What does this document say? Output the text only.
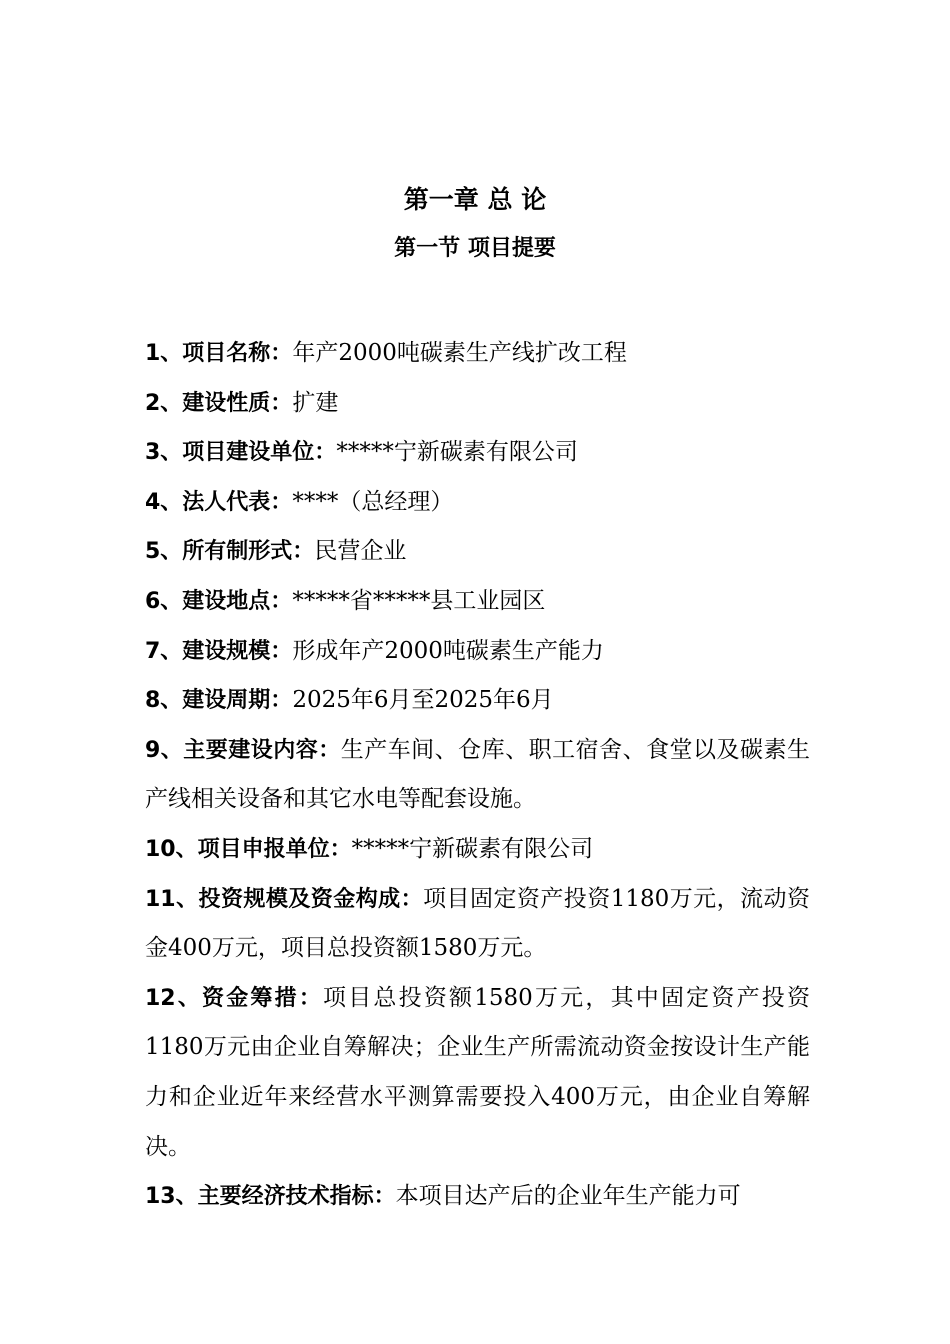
第一章 总 论
第一节 项目提要

1、项目名称：年产2000吨碳素生产线扩改工程

2、建设性质：扩建

3、项目建设单位：*****宁新碳素有限公司

4、法人代表：****（总经理）

5、所有制形式：民营企业

6、建设地点：*****省*****县工业园区

7、建设规模：形成年产2000吨碳素生产能力

8、建设周期：2025年6月至2025年6月

9、主要建设内容：生产车间、仓库、职工宿舍、食堂以及碳素生产线相关设备和其它水电等配套设施。

10、项目申报单位：*****宁新碳素有限公司

11、投资规模及资金构成：项目固定资产投资1180万元，流动资金400万元，项目总投资额1580万元。

12、资金筹措：项目总投资额1580万元，其中固定资产投资1180万元由企业自筹解决；企业生产所需流动资金按设计生产能力和企业近年来经营水平测算需要投入400万元，由企业自筹解决。

13、主要经济技术指标：本项目达产后的企业年生产能力可
